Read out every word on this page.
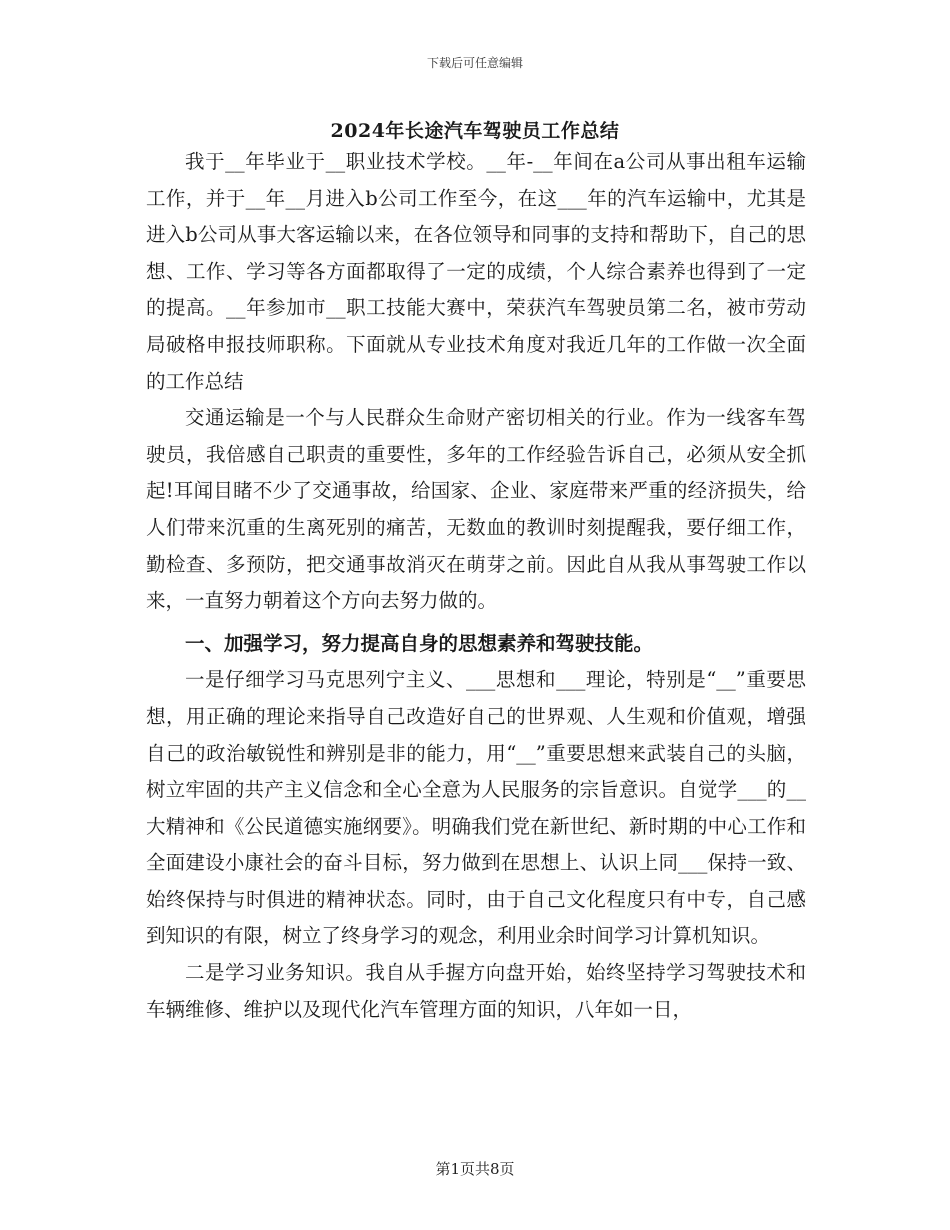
下载后可任意编辑
2024年长途汽车驾驶员工作总结

我于__年毕业于__职业技术学校。__年-__年间在a公司从事出租车运输工作，并于__年__月进入b公司工作至今，在这___年的汽车运输中，尤其是进入b公司从事大客运输以来，在各位领导和同事的支持和帮助下，自己的思想、工作、学习等各方面都取得了一定的成绩，个人综合素养也得到了一定的提高。__年参加市__职工技能大赛中，荣获汽车驾驶员第二名，被市劳动局破格申报技师职称。下面就从专业技术角度对我近几年的工作做一次全面的工作总结

交通运输是一个与人民群众生命财产密切相关的行业。作为一线客车驾驶员，我倍感自己职责的重要性，多年的工作经验告诉自己，必须从安全抓起!耳闻目睹不少了交通事故，给国家、企业、家庭带来严重的经济损失，给人们带来沉重的生离死别的痛苦，无数血的教训时刻提醒我，要仔细工作，勤检查、多预防，把交通事故消灭在萌芽之前。因此自从我从事驾驶工作以来，一直努力朝着这个方向去努力做的。

一、加强学习，努力提高自身的思想素养和驾驶技能。

一是仔细学习马克思列宁主义、___思想和___理论，特别是“__”重要思想，用正确的理论来指导自己改造好自己的世界观、人生观和价值观，增强自己的政治敏锐性和辨别是非的能力，用“__”重要思想来武装自己的头脑，树立牢固的共产主义信念和全心全意为人民服务的宗旨意识。自觉学___的__大精神和《公民道德实施纲要》。明确我们党在新世纪、新时期的中心工作和全面建设小康社会的奋斗目标，努力做到在思想上、认识上同___保持一致、始终保持与时俱进的精神状态。同时，由于自己文化程度只有中专，自己感到知识的有限，树立了终身学习的观念，利用业余时间学习计算机知识。

二是学习业务知识。我自从手握方向盘开始，始终坚持学习驾驶技术和车辆维修、维护以及现代化汽车管理方面的知识，八年如一日，

第1页共8页
